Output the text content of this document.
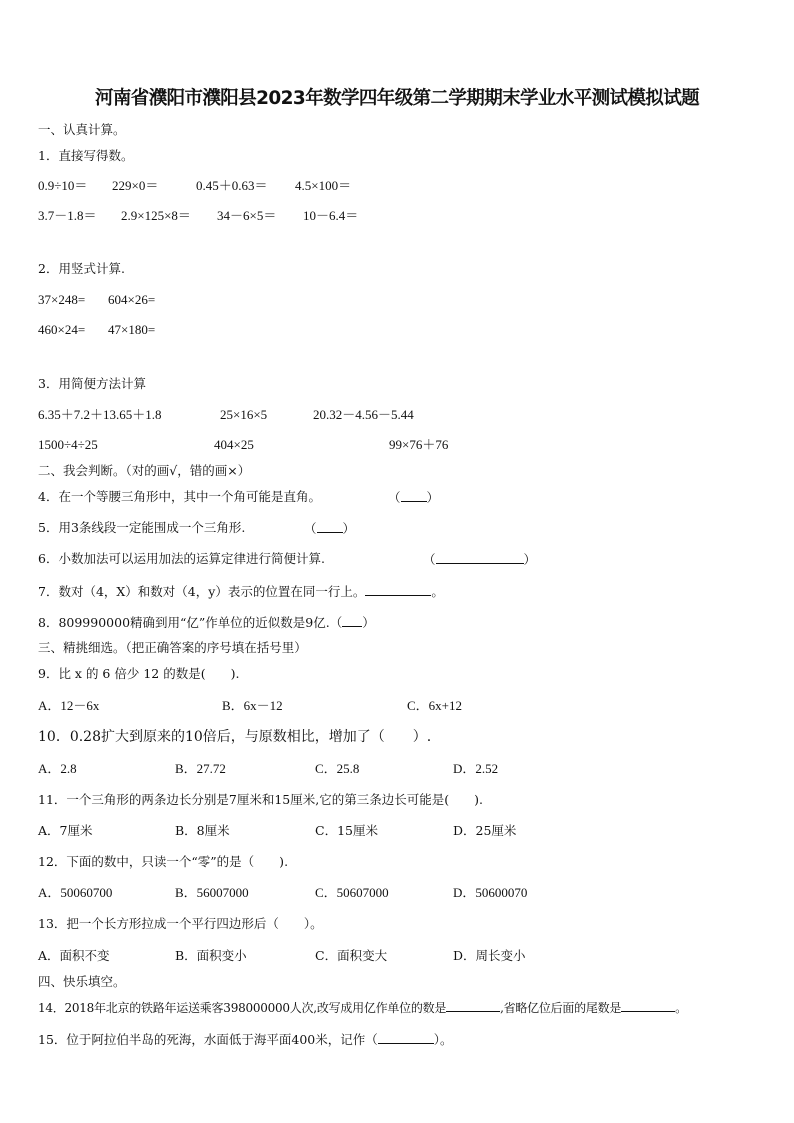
河南省濮阳市濮阳县2023年数学四年级第二学期期末学业水平测试模拟试题
一、认真计算。
1．直接写得数。
0.9÷10＝ 229×0＝	0.45＋0.63＝ 4.5×100＝
3.7－1.8＝ 2.9×125×8＝ 34－6×5＝ 10－6.4＝
2．用竖式计算.
37×248= 604×26=
460×24= 47×180=
3．用简便方法计算
6.35＋7.2＋13.65＋1.8	25×16×5	20.32－4.56－5.44
1500÷4÷25	404×25	99×76＋76
二、我会判断。（对的画√，错的画×）
4．在一个等腰三角形中，其中一个角可能是直角。	（ ）
5．用3条线段一定能围成一个三角形.	（ ）
6．小数加法可以运用加法的运算定律进行简便计算.	（	）
7．数对（4，X）和数对（4，y）表示的位置在同一行上。	。
8．809990000精确到用“亿”作单位的近似数是9亿.（ ）
三、精挑细选。（把正确答案的序号填在括号里）
9．比 x 的 6 倍少 12 的数是(　　).
A．12－6x	B．6x－12	C．6x+12
10．0.28扩大到原来的10倍后，与原数相比，增加了（　　）.
A．2.8	B．27.72	C．25.8	D．2.52
11．一个三角形的两条边长分别是7厘米和15厘米,它的第三条边长可能是(　　).
A．7厘米	B．8厘米	C．15厘米	D．25厘米
12．下面的数中，只读一个“零”的是（　　).
A．50060700	B．56007000	C．50607000	D．50600070
13．把一个长方形拉成一个平行四边形后（　　）。
A．面积不变	B．面积变小	C．面积变大	D．周长变小
四、快乐填空。
14．2018年北京的铁路年运送乘客398000000人次,改写成用亿作单位的数是	,省略亿位后面的尾数是	。
15．位于阿拉伯半岛的死海，水面低于海平面400米，记作（	）。
